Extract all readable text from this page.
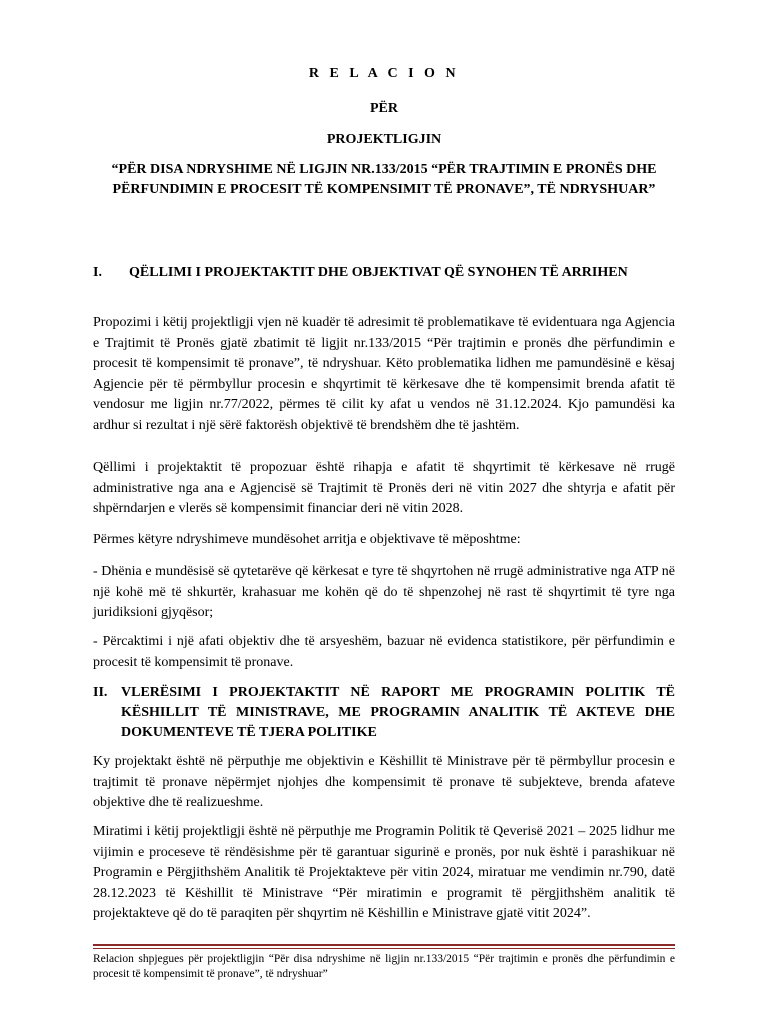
R E L A C I O N
PËR
PROJEKTLIGJIN
“PËR DISA NDRYSHIME NË LIGJIN NR.133/2015 “PËR TRAJTIMIN E PRONËS DHE PËRFUNDIMIN E PROCESIT TË KOMPENSIMIT TË PRONAVE”, TË NDRYSHUAR”
I.	QËLLIMI I PROJEKTAKTIT DHE OBJEKTIVAT QË SYNOHEN TË ARRIHEN
Propozimi i këtij projektligji vjen në kuadër të adresimit të problematikave të evidentuara nga Agjencia e Trajtimit të Pronës gjatë zbatimit të ligjit nr.133/2015 “Për trajtimin e pronës dhe përfundimin e procesit të kompensimit të pronave”, të ndryshuar. Këto problematika lidhen me pamundësinë e kësaj Agjencie për të përmbyllur procesin e shqyrtimit të kërkesave dhe të kompensimit brenda afatit të vendosur me ligjin nr.77/2022, përmes të cilit ky afat u vendos në 31.12.2024. Kjo pamundësi ka ardhur si rezultat i një sërë faktorësh objektivë të brendshëm dhe të jashtëm.
Qëllimi i projektaktit të propozuar është rihapja e afatit të shqyrtimit të kërkesave në rrugë administrative nga ana e Agjencisë së Trajtimit të Pronës deri në vitin 2027 dhe shtyrja e afatit për shpërndarjen e vlerës së kompensimit financiar deri në vitin 2028.
Përmes këtyre ndryshimeve mundësohet arritja e objektivave të mëposhtme:
- Dhënia e mundësisë së qytetarëve që kërkesat e tyre të shqyrtohen në rrugë administrative nga ATP në një kohë më të shkurtër, krahasuar me kohën që do të shpenzohej në rast të shqyrtimit të tyre nga juridiksioni gjyqësor;
- Përcaktimi i një afati objektiv dhe të arsyeshëm, bazuar në evidenca statistikore, për përfundimin e procesit të kompensimit të pronave.
II. VLERËSIMI I PROJEKTAKTIT NË RAPORT ME PROGRAMIN POLITIK TË KËSHILLIT TË MINISTRAVE, ME PROGRAMIN ANALITIK TË AKTEVE DHE DOKUMENTEVE TË TJERA POLITIKE
Ky projektakt është në përputhje me objektivin e Këshillit të Ministrave për të përmbyllur procesin e trajtimit të pronave nëpërmjet njohjes dhe kompensimit të pronave të subjekteve, brenda afateve objektive dhe të realizueshme.
Miratimi i këtij projektligji është në përputhje me Programin Politik të Qeverisë 2021 – 2025 lidhur me vijimin e proceseve të rëndësishme për të garantuar sigurinë e pronës, por nuk është i parashikuar në Programin e Përgjithshëm Analitik të Projektakteve për vitin 2024, miratuar me vendimin nr.790, datë 28.12.2023 të Këshillit të Ministrave “Për miratimin e programit të përgjithshëm analitik të projektakteve që do të paraqiten për shqyrtim në Këshillin e Ministrave gjatë vitit 2024”.
Relacion shpjegues për projektligjin “Për disa ndryshime në ligjin nr.133/2015 “Për trajtimin e pronës dhe përfundimin e procesit të kompensimit të pronave”, të ndryshuar”
